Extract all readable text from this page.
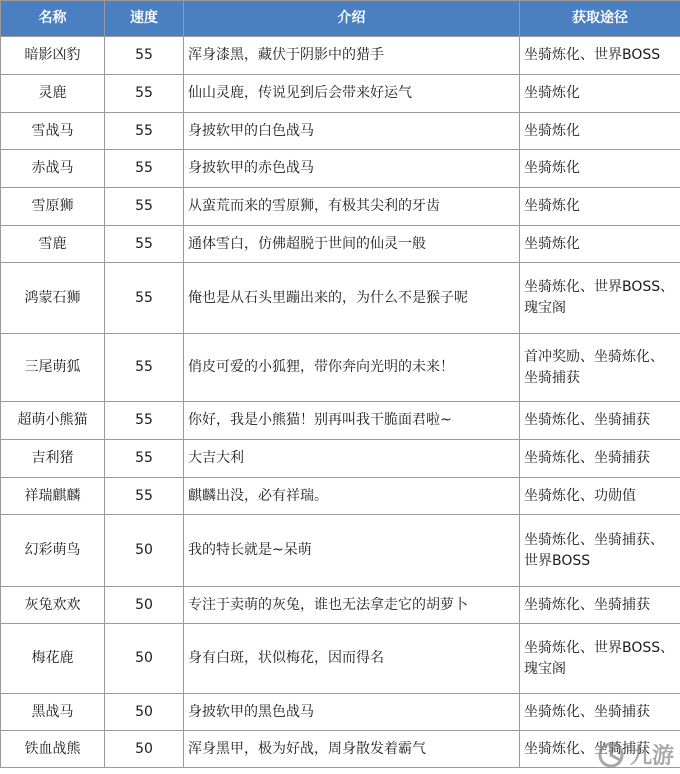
名称	速度	介绍	获取途径
暗影凶豹	55	浑身漆黑，藏伏于阴影中的猎手	坐骑炼化、世界BOSS
灵鹿	55	仙山灵鹿，传说见到后会带来好运气	坐骑炼化
雪战马	55	身披软甲的白色战马	坐骑炼化
赤战马	55	身披软甲的赤色战马	坐骑炼化
雪原狮	55	从蛮荒而来的雪原狮，有极其尖利的牙齿	坐骑炼化
雪鹿	55	通体雪白，仿佛超脱于世间的仙灵一般	坐骑炼化
鸿蒙石狮	55	俺也是从石头里蹦出来的，为什么不是猴子呢	坐骑炼化、世界BOSS、瑰宝阁
三尾萌狐	55	俏皮可爱的小狐狸，带你奔向光明的未来！	首冲奖励、坐骑炼化、坐骑捕获
超萌小熊猫	55	你好，我是小熊猫！别再叫我干脆面君啦~	坐骑炼化、坐骑捕获
吉利猪	55	大吉大利	坐骑炼化、坐骑捕获
祥瑞麒麟	55	麒麟出没，必有祥瑞。	坐骑炼化、功勋值
幻彩萌鸟	50	我的特长就是~呆萌	坐骑炼化、坐骑捕获、世界BOSS
灰兔欢欢	50	专注于卖萌的灰兔，谁也无法拿走它的胡萝卜	坐骑炼化、坐骑捕获
梅花鹿	50	身有白斑，状似梅花，因而得名	坐骑炼化、世界BOSS、瑰宝阁
黑战马	50	身披软甲的黑色战马	坐骑炼化、坐骑捕获
铁血战熊	50	浑身黑甲，极为好战，周身散发着霸气	坐骑炼化、坐骑捕获
九游
